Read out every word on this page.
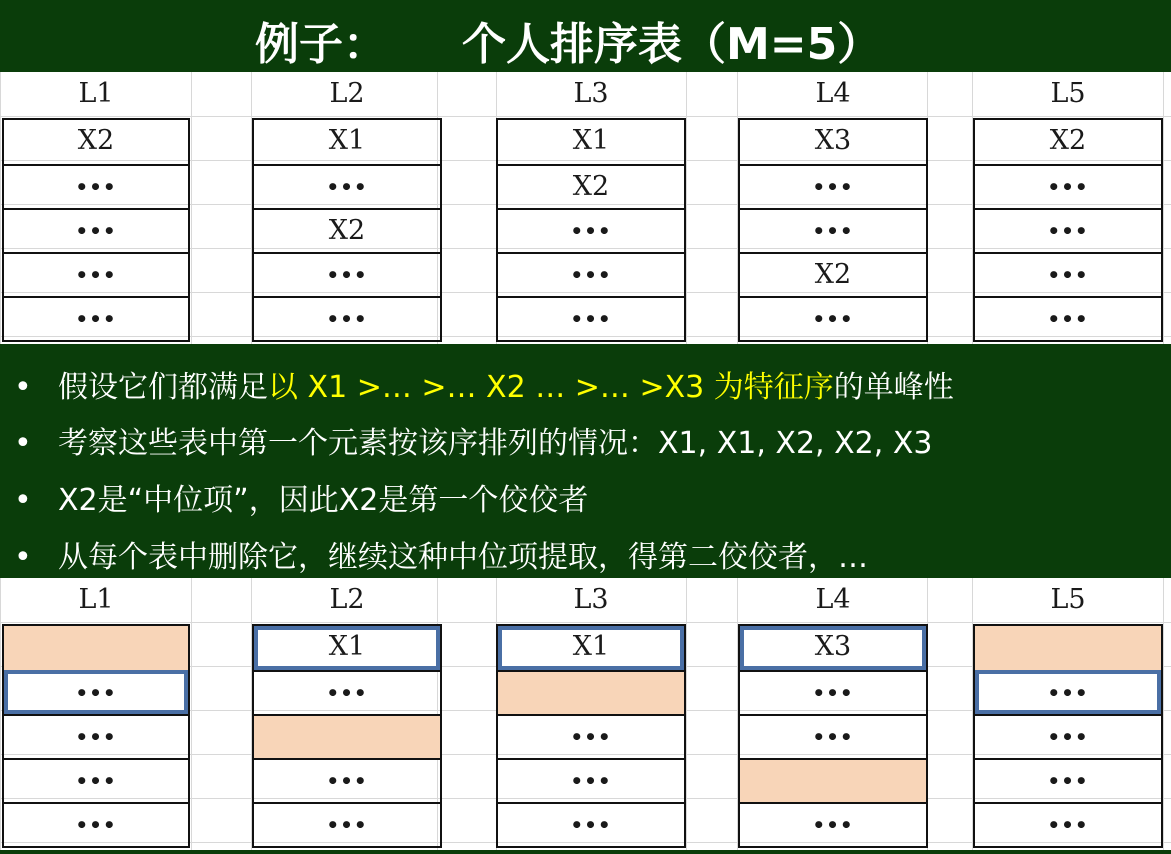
例子： 个人排序表（M=5）
L1
X2
•••
•••
•••
•••
L2
X1
•••
X2
•••
•••
L3
X1
X2
•••
•••
•••
L4
X3
•••
•••
X2
•••
L5
X2
•••
•••
•••
•••
• 假设它们都满足以 X1 >… >… X2 … >… >X3 为特征序的单峰性
• 考察这些表中第一个元素按该序排列的情况：X1, X1, X2, X2, X3
• X2是“中位项”，因此X2是第一个佼佼者
• 从每个表中删除它，继续这种中位项提取，得第二佼佼者，…
L1
•••
•••
•••
•••
L2
X1
•••
•••
•••
L3
X1
•••
•••
•••
L4
X3
•••
•••
•••
L5
•••
•••
•••
•••
